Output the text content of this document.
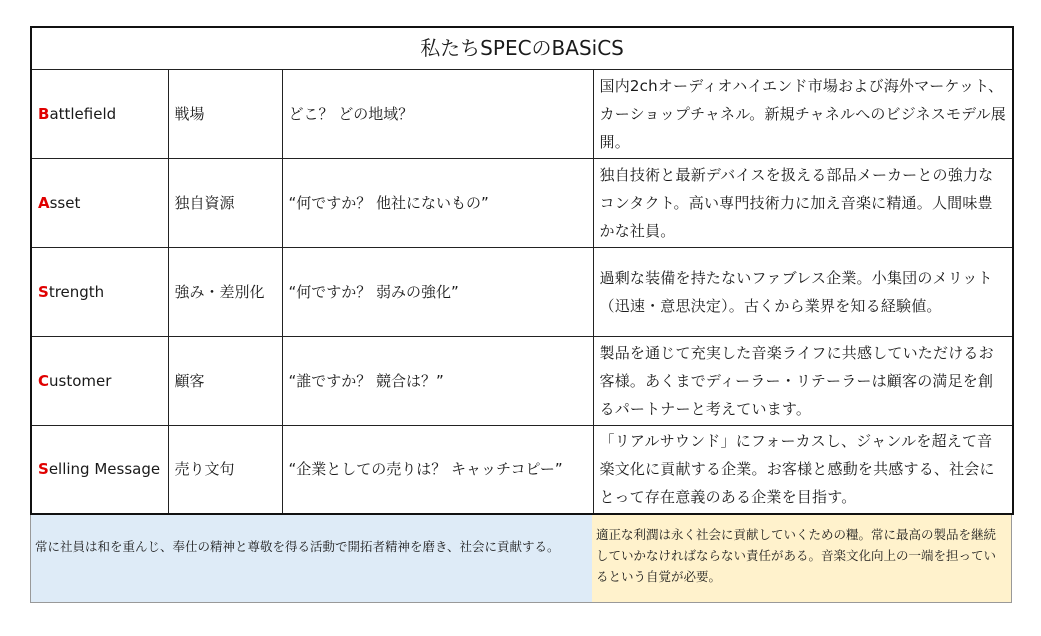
私たちSPECのBASiCS			
Battlefield	戦場	どこ？ どの地域？	国内2chオーディオハイエンド市場および海外マーケット、カーショップチャネル。新規チャネルへのビジネスモデル展開。
Asset	独自資源	“何ですか？ 他社にないもの”	独自技術と最新デバイスを扱える部品メーカーとの強力なコンタクト。高い専門技術力に加え音楽に精通。人間味豊かな社員。
Strength	強み・差別化	“何ですか？ 弱みの強化”	過剰な装備を持たないファブレス企業。小集団のメリット（迅速・意思決定）。古くから業界を知る経験値。
Customer	顧客	“誰ですか？ 競合は？”	製品を通じて充実した音楽ライフに共感していただけるお客様。あくまでディーラー・リテーラーは顧客の満足を創るパートナーと考えています。
Selling Message	売り文句	“企業としての売りは？ キャッチコピー”	「リアルサウンド」にフォーカスし、ジャンルを超えて音楽文化に貢献する企業。お客様と感動を共感する、社会にとって存在意義のある企業を目指す。
常に社員は和を重んじ、奉仕の精神と尊敬を得る活動で開拓者精神を磨き、社会に貢献する。
適正な利潤は永く社会に貢献していくための糧。常に最高の製品を継続していかなければならない責任がある。音楽文化向上の一端を担っているという自覚が必要。
